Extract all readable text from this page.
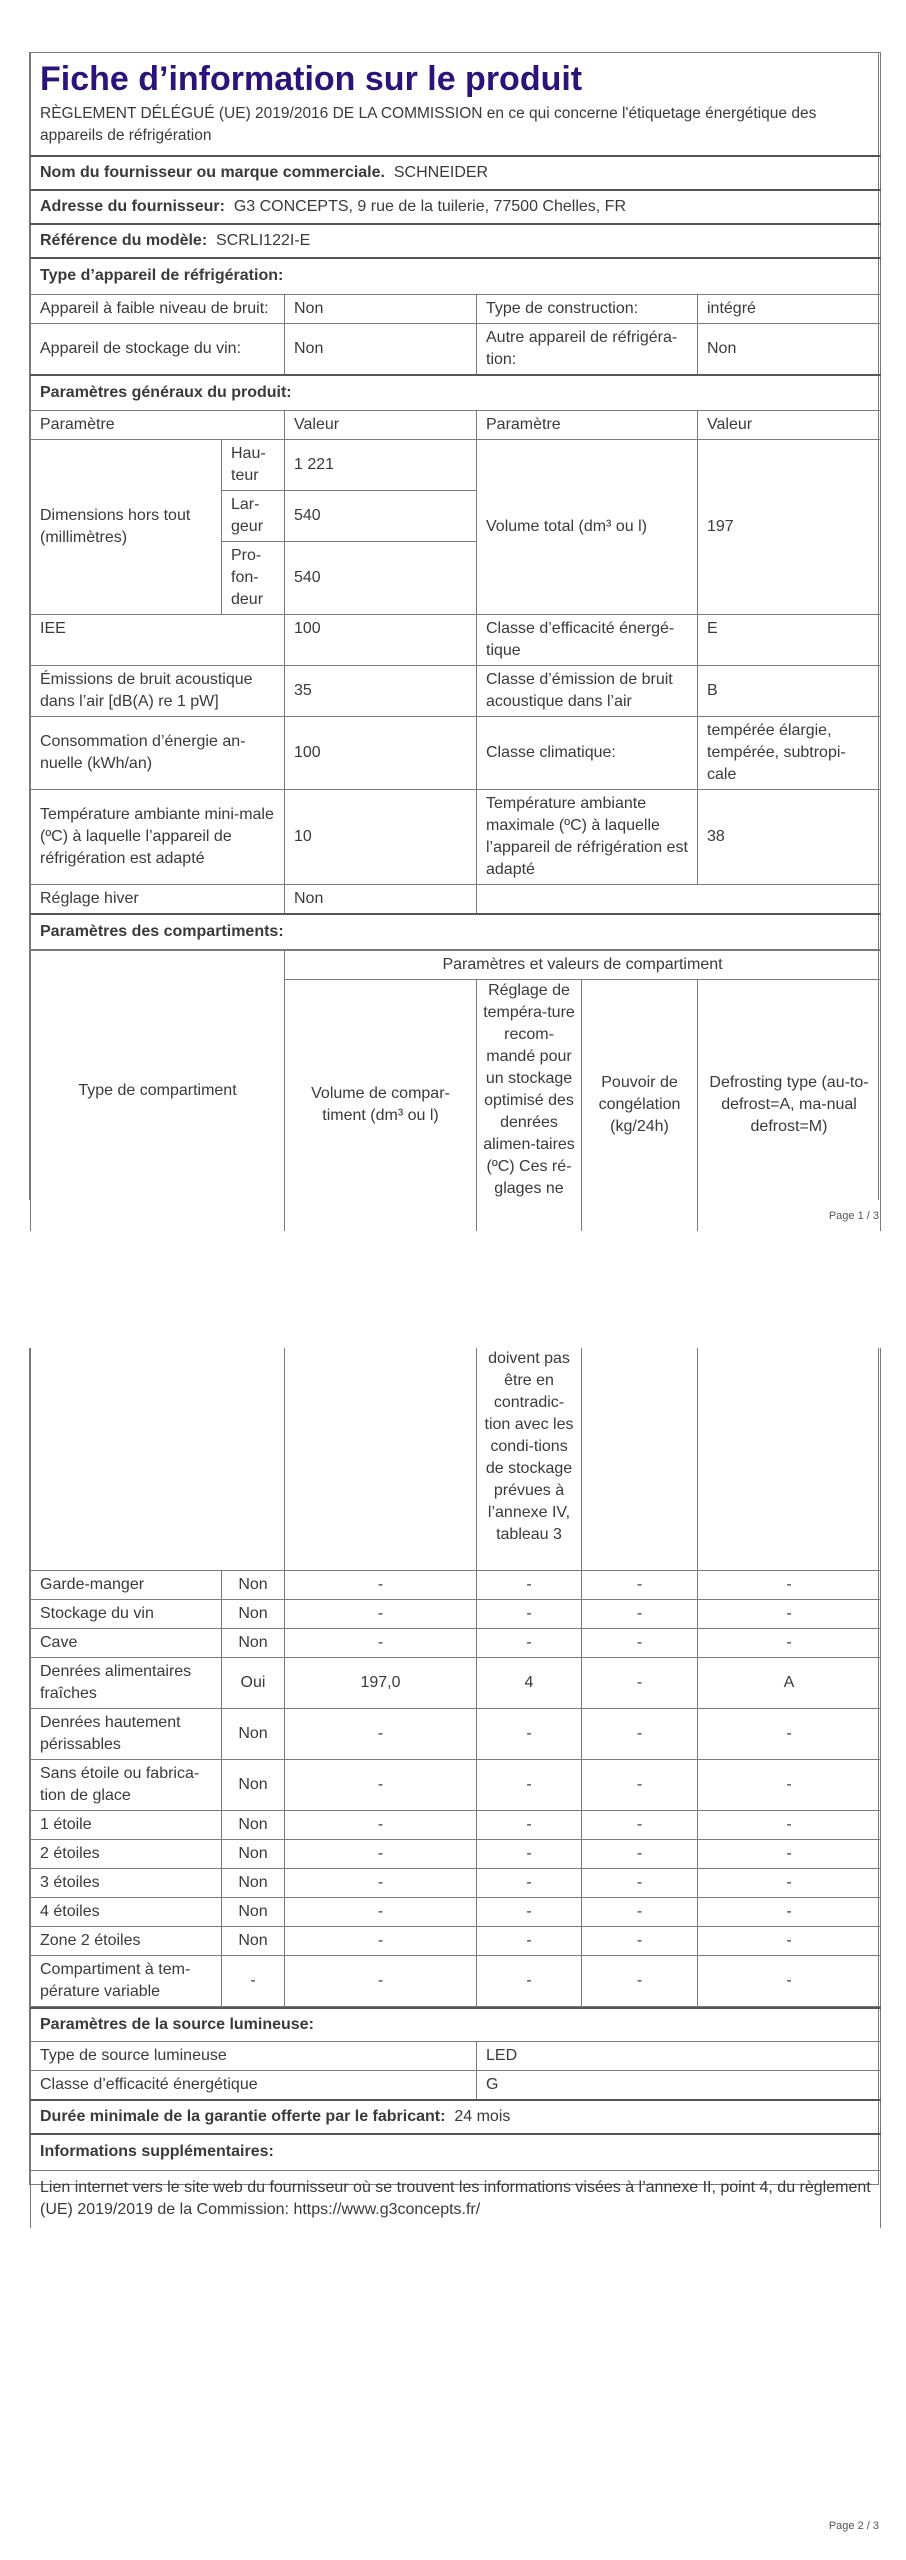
Fiche d’information sur le produit				
RÈGLEMENT DÉLÉGUÉ (UE) 2019/2016 DE LA COMMISSION en ce qui concerne l'étiquetage énergétique des appareils de réfrigération				
Nom du fournisseur ou marque commerciale. SCHNEIDER				
Adresse du fournisseur: G3 CONCEPTS, 9 rue de la tuilerie, 77500 Chelles, FR				
Référence du modèle: SCRLI122I-E				
Type d’appareil de réfrigération:				
Appareil à faible niveau de bruit:		Non	Type de construction:	intégré
Appareil de stockage du vin:		Non	Autre appareil de réfrigéra-tion:	Non
Paramètres généraux du produit:				
Paramètre		Valeur	Paramètre	Valeur
Dimensions hors tout (millimètres)	Hau-teur	1 221	Volume total (dm³ ou l)	197
	Lar-geur	540		
	Pro-fon-deur	540		
IEE		100	Classe d’efficacité énergé-tique	E
Émissions de bruit acoustique dans l’air [dB(A) re 1 pW]		35	Classe d’émission de bruit acoustique dans l’air	B
Consommation d’énergie an-nuelle (kWh/an)		100	Classe climatique:	tempérée élargie, tempérée, subtropi-cale
Température ambiante mini-male (ºC) à laquelle l’appareil de réfrigération est adapté		10	Température ambiante maximale (ºC) à laquelle l’appareil de réfrigération est adapté	38
Réglage hiver		Non		
Paramètres des compartiments:				
Type de compartiment	Paramètres et valeurs de compartiment			
	Volume de compar-timent (dm³ ou l)	Réglage de tempéra-ture recom-mandé pour un stockage optimisé des denrées alimen-taires (ºC) Ces ré-glages ne	Pouvoir de congélation (kg/24h)	Defrosting type (au-to-defrost=A, ma-nual defrost=M)
Page 1 / 3
			doivent pas être en contradic-tion avec les condi-tions de stockage prévues à l’annexe IV, tableau 3		
Garde-manger	Non	-	-	-	-
Stockage du vin	Non	-	-	-	-
Cave	Non	-	-	-	-
Denrées alimentaires fraîches	Oui	197,0	4	-	A
Denrées hautement périssables	Non	-	-	-	-
Sans étoile ou fabrica-tion de glace	Non	-	-	-	-
1 étoile	Non	-	-	-	-
2 étoiles	Non	-	-	-	-
3 étoiles	Non	-	-	-	-
4 étoiles	Non	-	-	-	-
Zone 2 étoiles	Non	-	-	-	-
Compartiment à tem-pérature variable	-	-	-	-	-
Paramètres de la source lumineuse:	
Type de source lumineuse	LED
Classe d’efficacité énergétique	G
Durée minimale de la garantie offerte par le fabricant: 24 mois	
Informations supplémentaires:	
Lien internet vers le site web du fournisseur où se trouvent les informations visées à l’annexe II, point 4, du règlement (UE) 2019/2019 de la Commission: https://www.g3concepts.fr/	
Page 2 / 3
